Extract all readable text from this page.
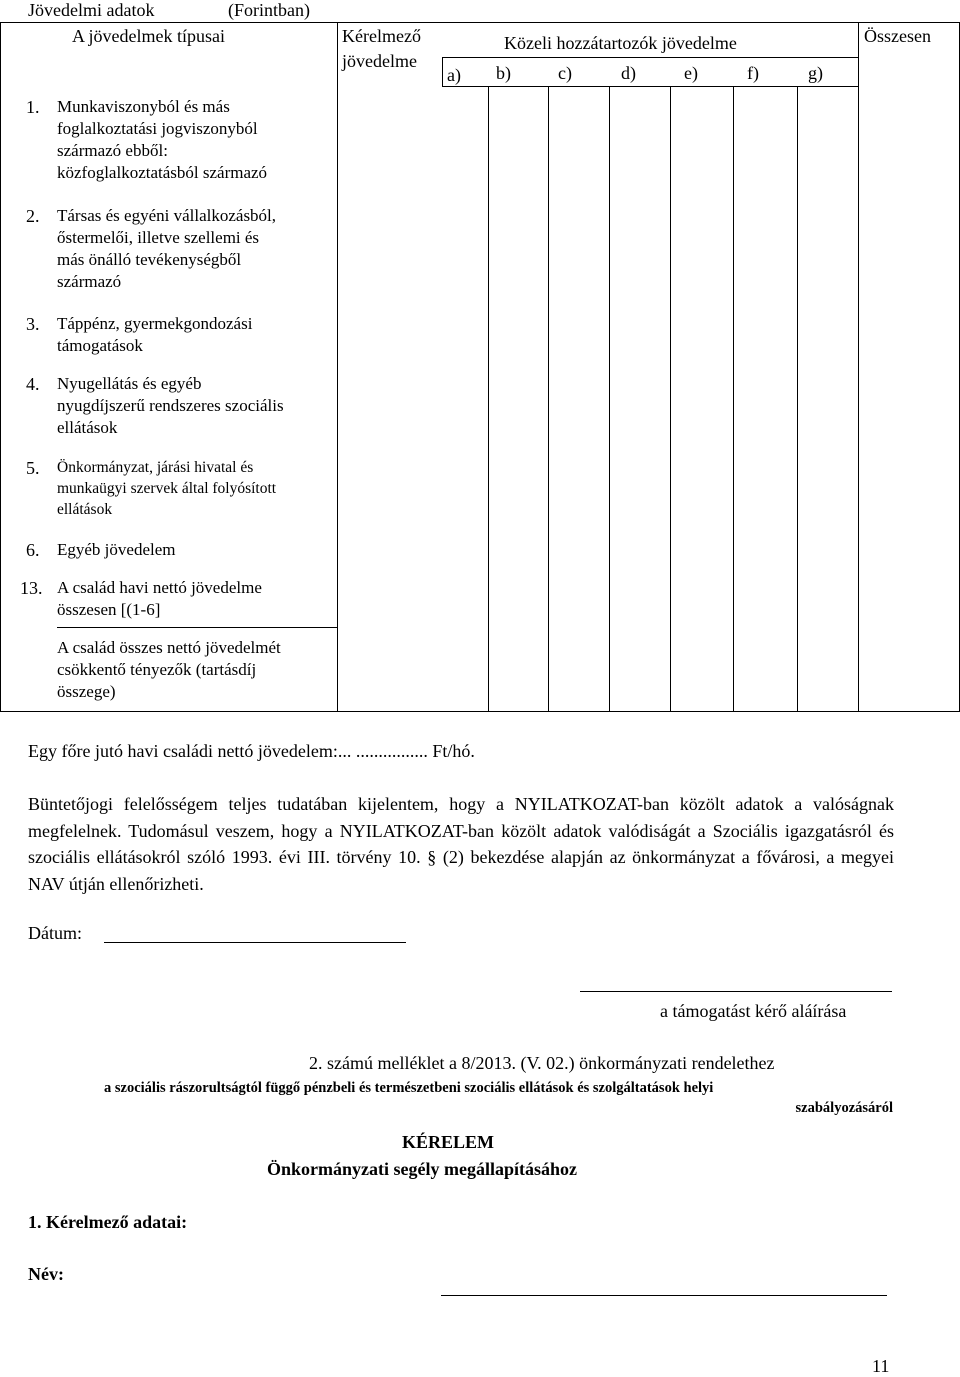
Jövedelmi adatok	(Forintban)
A jövedelmek típusai	Kérelmező
jövedelme
Közeli hozzátartozók jövedelme	Összesen
a) b)	c)	d)	e)	f)	g)
1. Munkaviszonyból és más
foglalkoztatási jogviszonyból
származó ebből:
közfoglalkoztatásból származó
2. Társas és egyéni vállalkozásból,
őstermelői, illetve szellemi és
más önálló tevékenységből
származó
3. Táppénz, gyermekgondozási
támogatások
4. Nyugellátás és egyéb
nyugdíjszerű rendszeres szociális
ellátások
5. Önkormányzat, járási hivatal és
munkaügyi szervek által folyósított
ellátások
6. Egyéb jövedelem
13. A család havi nettó jövedelme
összesen [(1-6]
A család összes nettó jövedelmét
csökkentő tényezők (tartásdíj
összege)
Egy főre jutó havi családi nettó jövedelem:... ................ Ft/hó.
Büntetőjogi felelősségem teljes tudatában kijelentem, hogy a NYILATKOZAT-ban közölt adatok a valóságnak megfelelnek. Tudomásul veszem, hogy a NYILATKOZAT-ban közölt adatok valódiságát a Szociális igazgatásról és szociális ellátásokról szóló 1993. évi III. törvény 10. § (2) bekezdése alapján az önkormányzat a fővárosi, a megyei NAV útján ellenőrizheti.
Dátum:
a támogatást kérő aláírása
2. számú melléklet a 8/2013. (V. 02.) önkormányzati rendelethez
a szociális rászorultságtól függő pénzbeli és természetbeni szociális ellátások és szolgáltatások helyi
szabályozásáról
KÉRELEM
Önkormányzati segély megállapításához
1. Kérelmező adatai:
Név:
11
